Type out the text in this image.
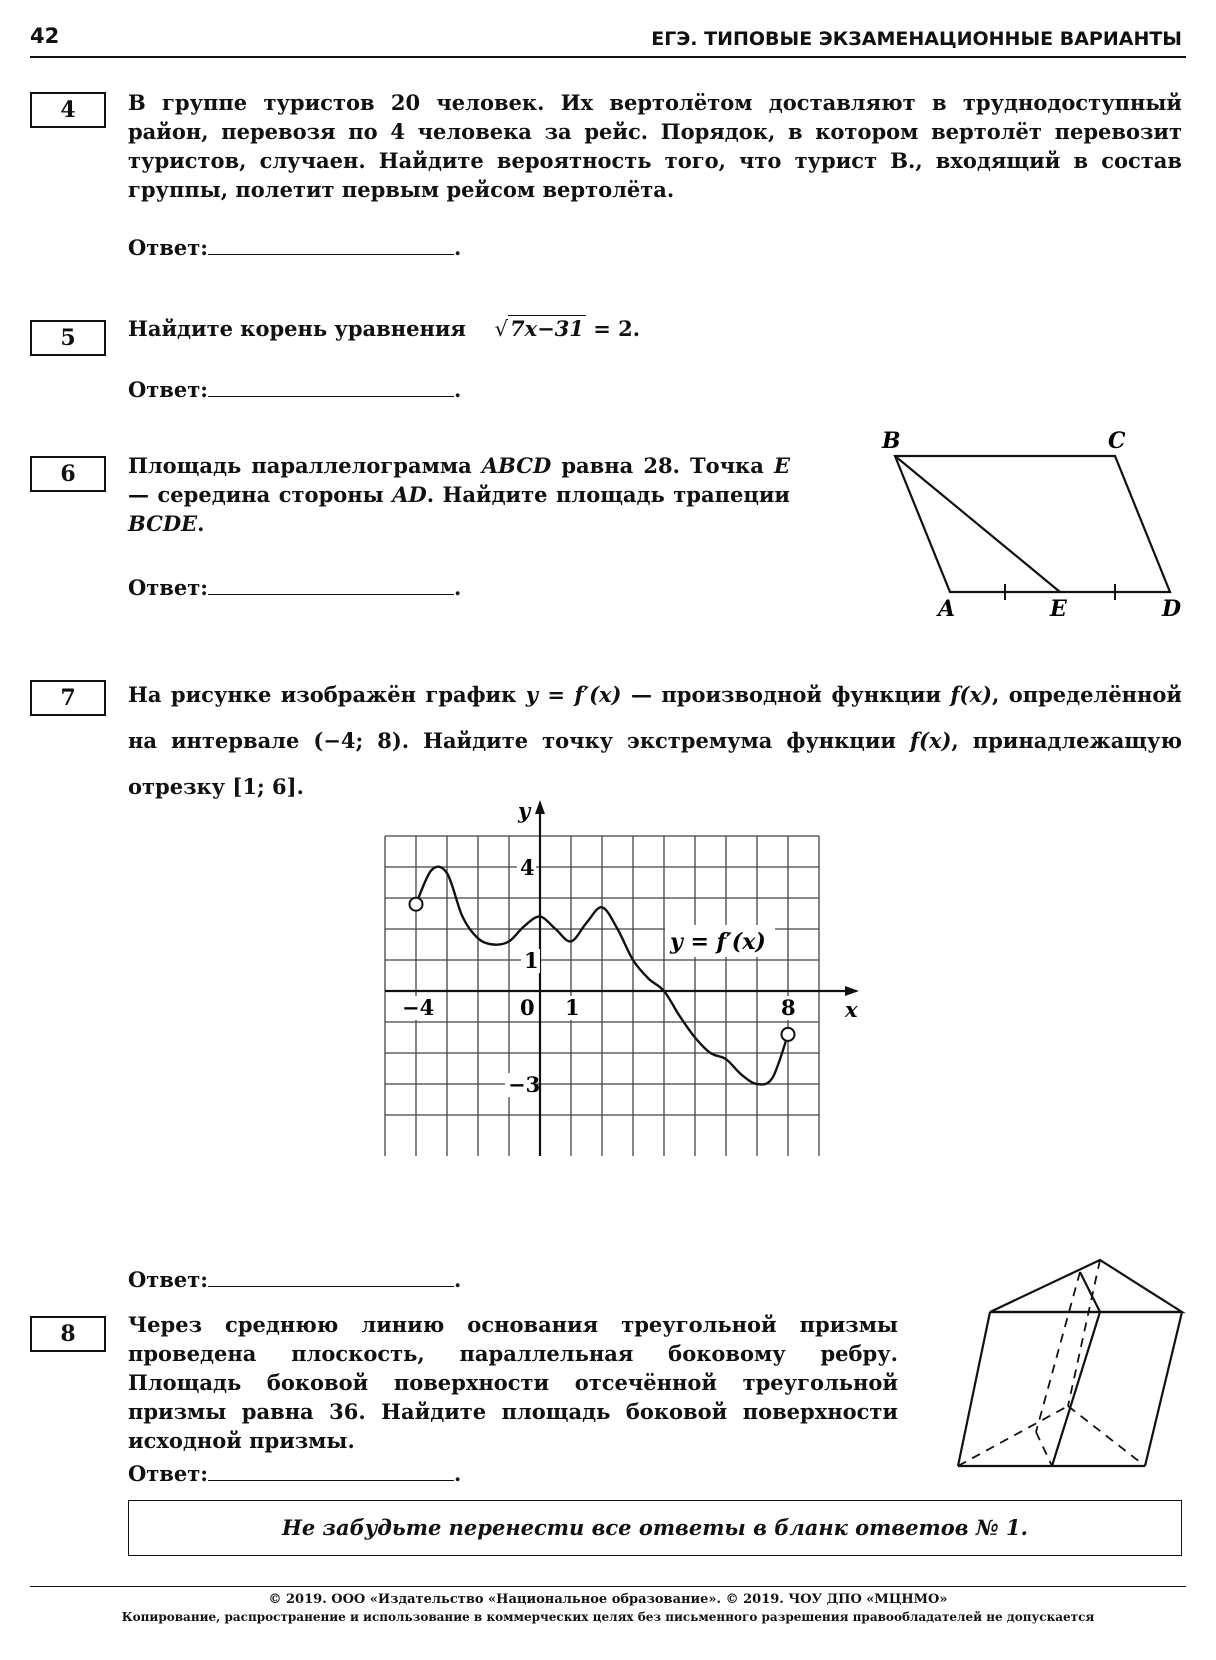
42	ЕГЭ. ТИПОВЫЕ ЭКЗАМЕНАЦИОННЫЕ ВАРИАНТЫ
4	В группе туристов 20 человек. Их вертолётом доставляют в труднодоступный район, перевозя по 4 человека за рейс. Порядок, в котором вертолёт перевозит туристов, случаен. Найдите вероятность того, что турист В., входящий в состав группы, полетит первым рейсом вертолёта.
Ответ:	.
5	Найдите корень уравнения √7x−31 = 2.
Ответ:	.
6	Площадь параллелограмма ABCD равна 28. Точка E — середина стороны AD. Найдите площадь трапеции BCDE.
Ответ:	.
B	C
A	E	D
7	На рисунке изображён график y = f′(x) — производной функции f(x), определённой на интервале (−4; 8). Найдите точку экстремума функции f(x), принадлежащую отрезку [1; 6].
y = f′(x)
−4	0 1	8
4
1
−3
x
y
Ответ:	.
8	Через среднюю линию основания треугольной призмы проведена плоскость, параллельная боковому ребру. Площадь боковой поверхности отсечённой треугольной призмы равна 36. Найдите площадь боковой поверхности исходной призмы.
Ответ:	.
Не забудьте перенести все ответы в бланк ответов № 1.
© 2019. ООО «Издательство «Национальное образование». © 2019. ЧОУ ДПО «МЦНМО»
Копирование, распространение и использование в коммерческих целях без письменного разрешения правообладателей не допускается
